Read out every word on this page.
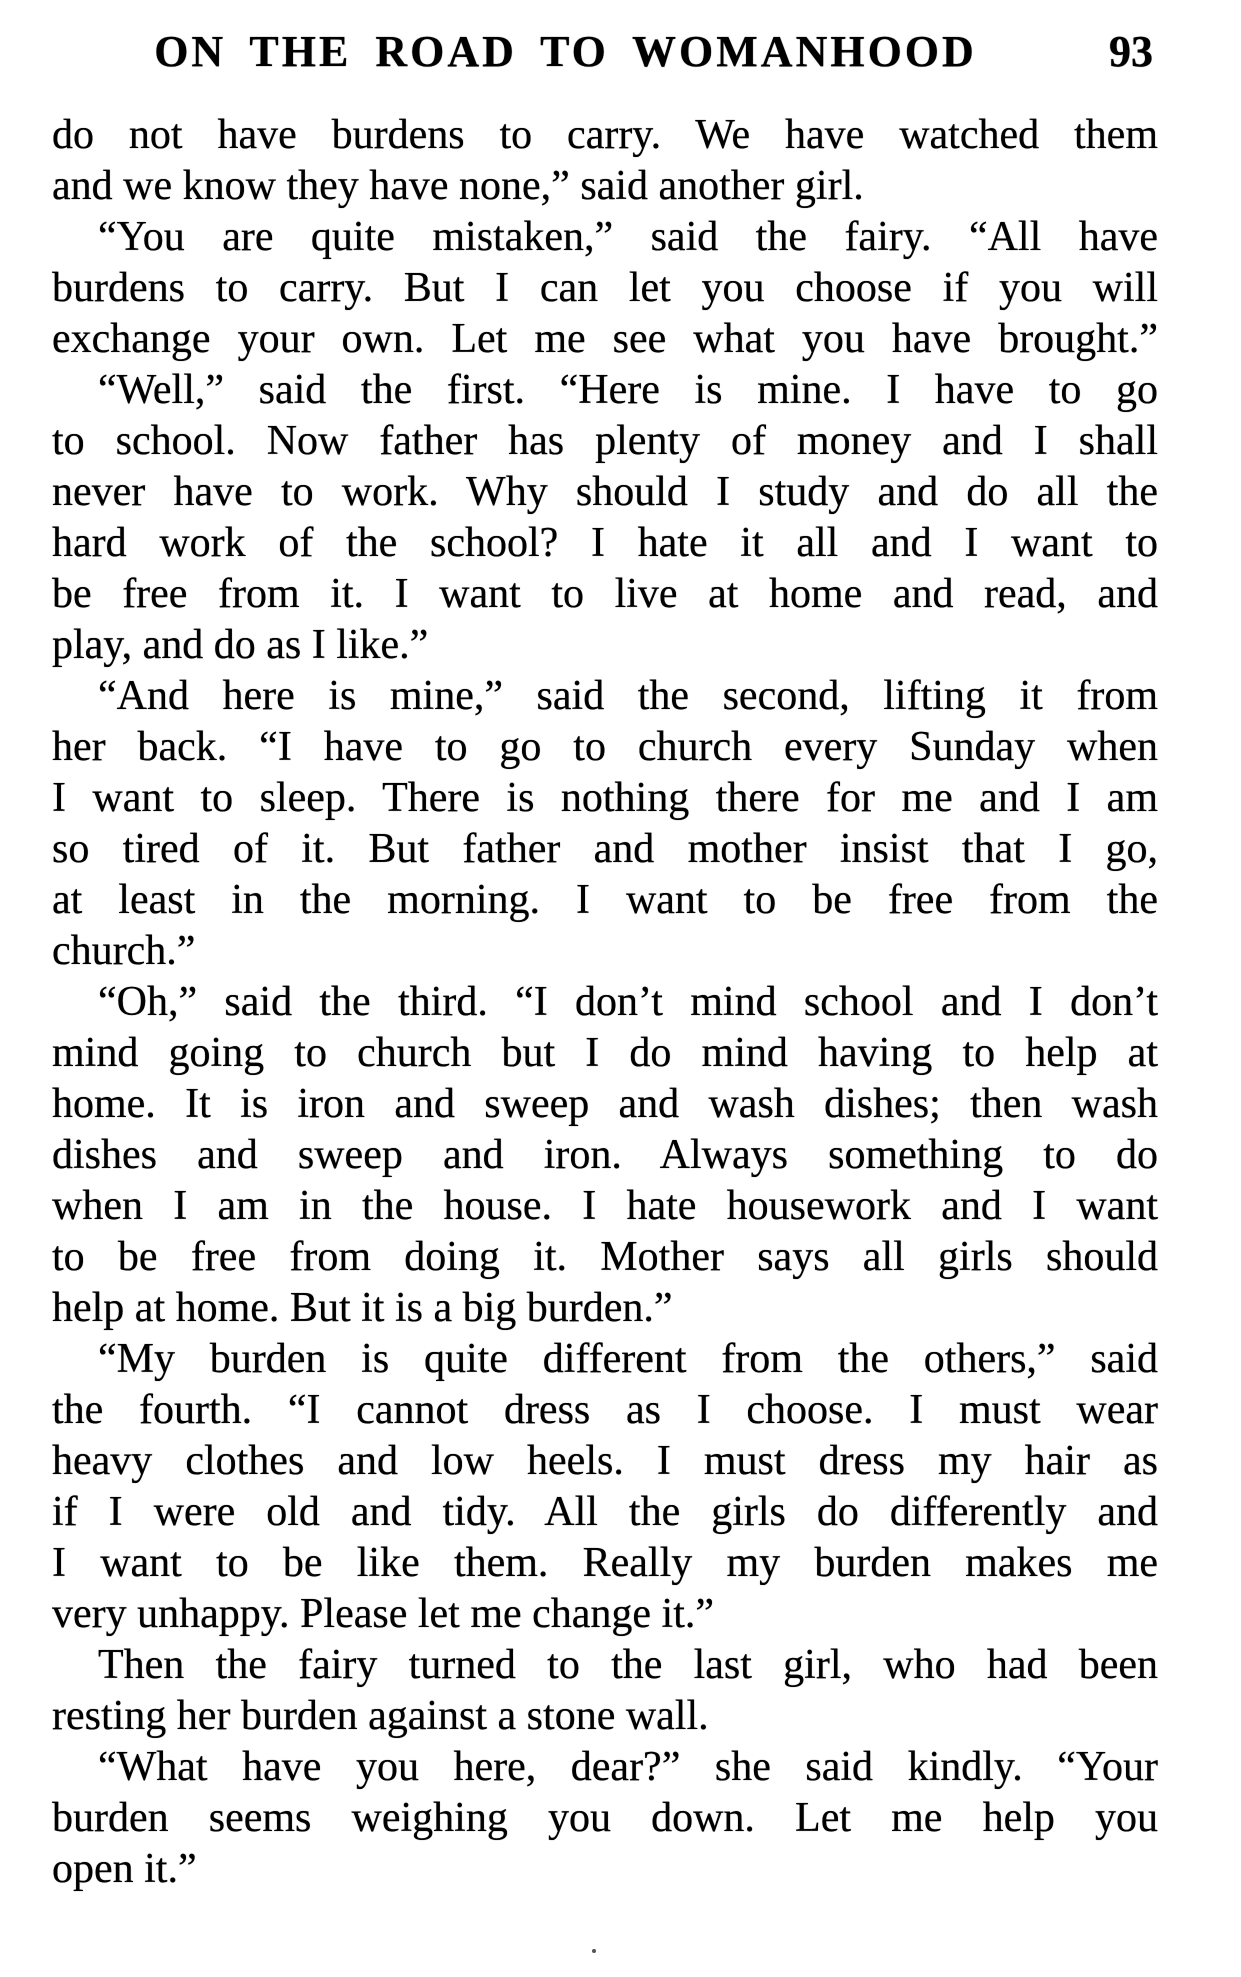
ON THE ROAD TO WOMANHOOD	93
do not have burdens to carry. We have watched them
and we know they have none,” said another girl.
“You are quite mistaken,” said the fairy. “All have
burdens to carry. But I can let you choose if you will
exchange your own. Let me see what you have brought.”
“Well,” said the first. “Here is mine. I have to go
to school. Now father has plenty of money and I shall
never have to work. Why should I study and do all the
hard work of the school? I hate it all and I want to
be free from it. I want to live at home and read, and
play, and do as I like.”
“And here is mine,” said the second, lifting it from
her back. “I have to go to church every Sunday when
I want to sleep. There is nothing there for me and I am
so tired of it. But father and mother insist that I go,
at least in the morning. I want to be free from the
church.”
“Oh,” said the third. “I don’t mind school and I don’t
mind going to church but I do mind having to help at
home. It is iron and sweep and wash dishes; then wash
dishes and sweep and iron. Always something to do
when I am in the house. I hate housework and I want
to be free from doing it. Mother says all girls should
help at home. But it is a big burden.”
“My burden is quite different from the others,” said
the fourth. “I cannot dress as I choose. I must wear
heavy clothes and low heels. I must dress my hair as
if I were old and tidy. All the girls do differently and
I want to be like them. Really my burden makes me
very unhappy. Please let me change it.”
Then the fairy turned to the last girl, who had been
resting her burden against a stone wall.
“What have you here, dear?” she said kindly. “Your
burden seems weighing you down. Let me help you
open it.”
